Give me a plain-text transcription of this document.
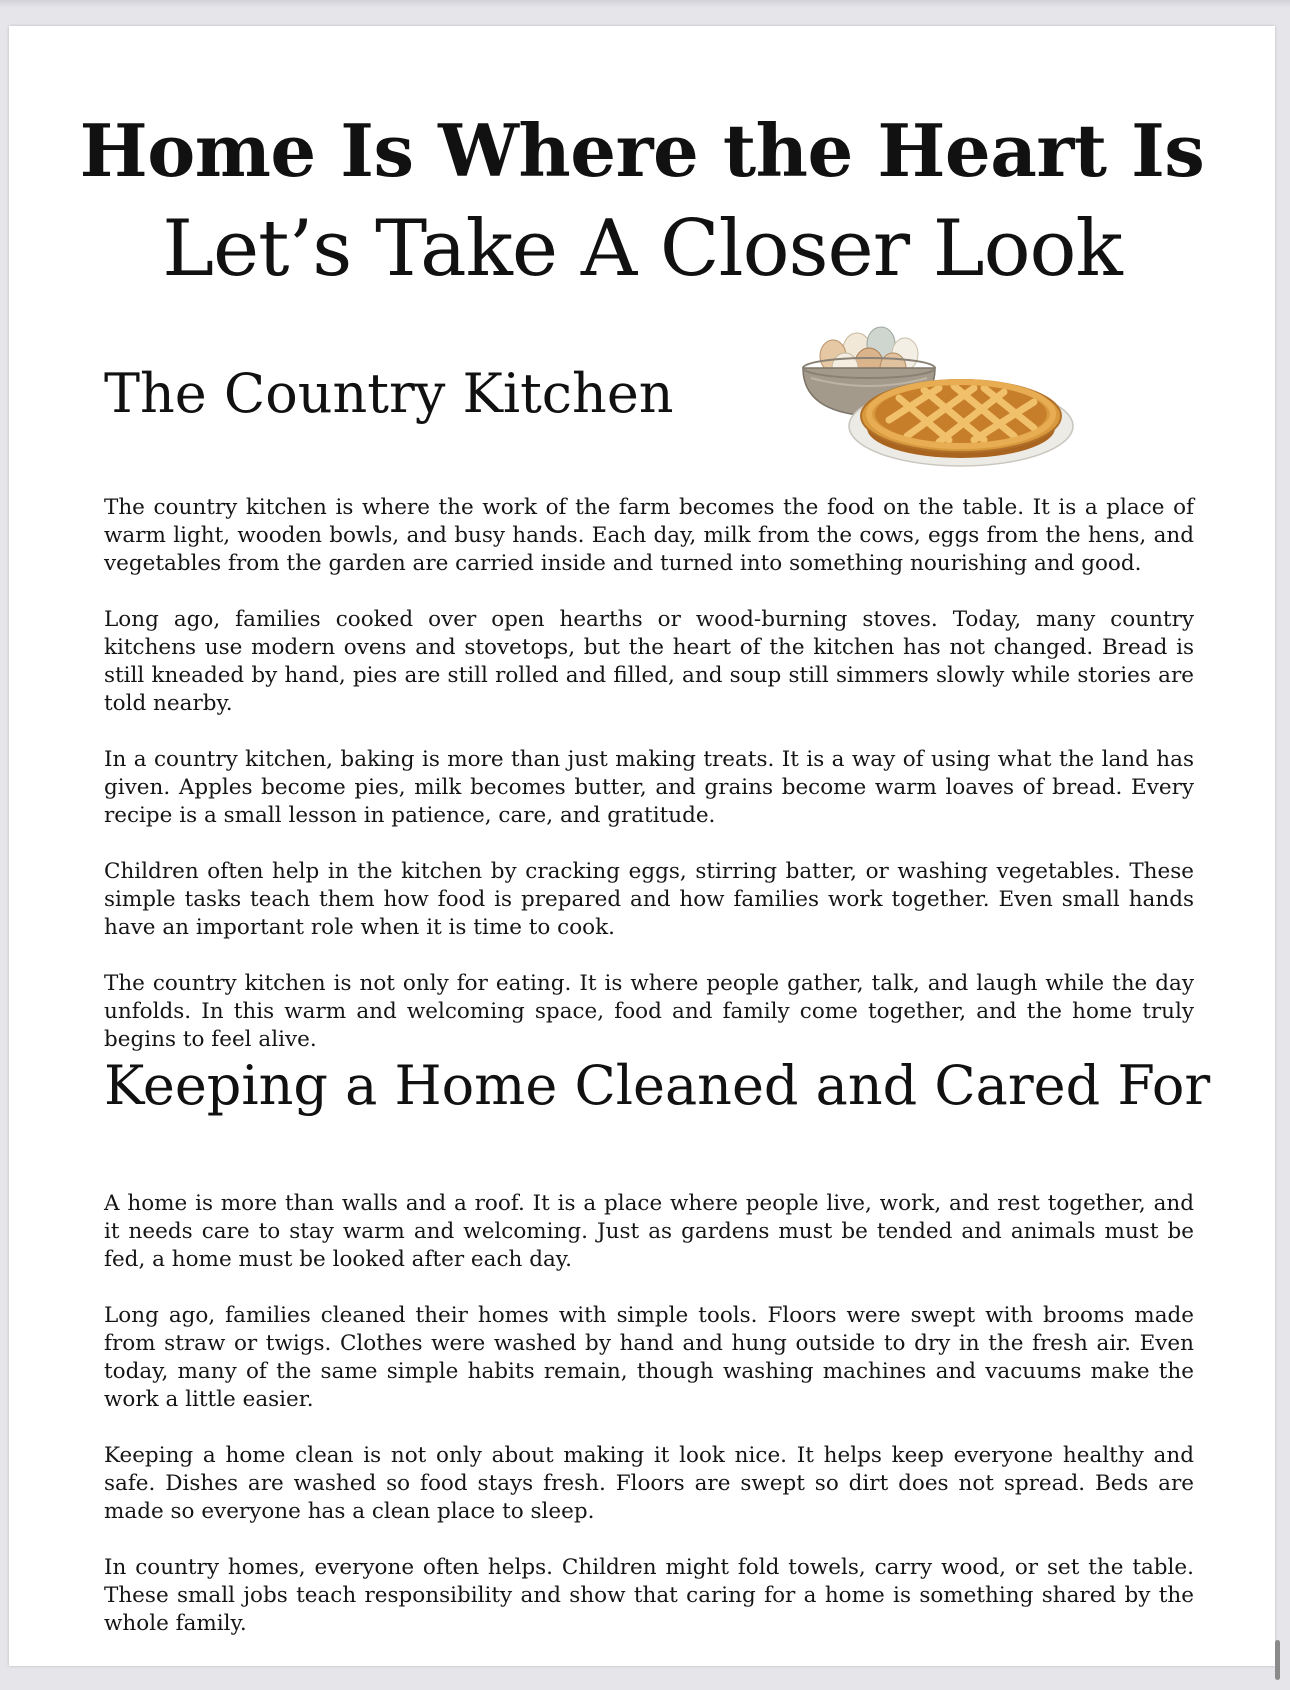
Home Is Where the Heart Is
Let’s Take A Closer Look
The Country Kitchen

The country kitchen is where the work of the farm becomes the food on the table. It is a place of warm light, wooden bowls, and busy hands. Each day, milk from the cows, eggs from the hens, and vegetables from the garden are carried inside and turned into something nourishing and good.

Long ago, families cooked over open hearths or wood-burning stoves. Today, many country kitchens use modern ovens and stovetops, but the heart of the kitchen has not changed. Bread is still kneaded by hand, pies are still rolled and filled, and soup still simmers slowly while stories are told nearby.

In a country kitchen, baking is more than just making treats. It is a way of using what the land has given. Apples become pies, milk becomes butter, and grains become warm loaves of bread. Every recipe is a small lesson in patience, care, and gratitude.

Children often help in the kitchen by cracking eggs, stirring batter, or washing vegetables. These simple tasks teach them how food is prepared and how families work together. Even small hands have an important role when it is time to cook.

The country kitchen is not only for eating. It is where people gather, talk, and laugh while the day unfolds. In this warm and welcoming space, food and family come together, and the home truly begins to feel alive.

Keeping a Home Cleaned and Cared For

A home is more than walls and a roof. It is a place where people live, work, and rest together, and it needs care to stay warm and welcoming. Just as gardens must be tended and animals must be fed, a home must be looked after each day.

Long ago, families cleaned their homes with simple tools. Floors were swept with brooms made from straw or twigs. Clothes were washed by hand and hung outside to dry in the fresh air. Even today, many of the same simple habits remain, though washing machines and vacuums make the work a little easier.

Keeping a home clean is not only about making it look nice. It helps keep everyone healthy and safe. Dishes are washed so food stays fresh. Floors are swept so dirt does not spread. Beds are made so everyone has a clean place to sleep.

In country homes, everyone often helps. Children might fold towels, carry wood, or set the table. These small jobs teach responsibility and show that caring for a home is something shared by the whole family.
